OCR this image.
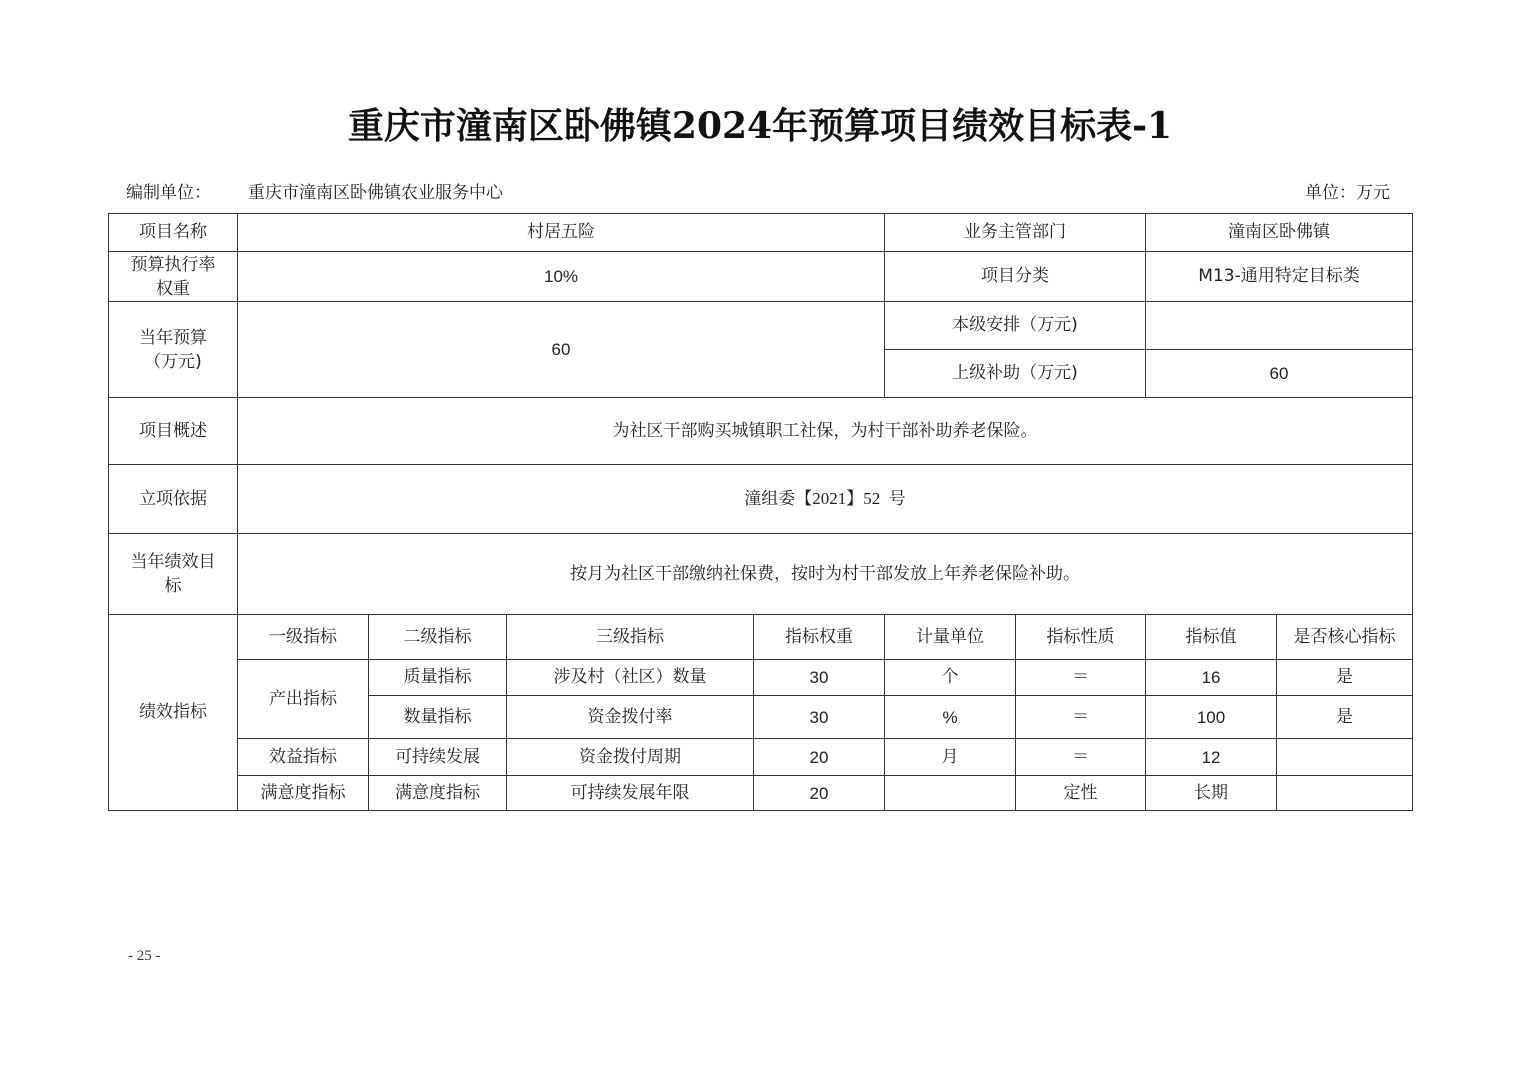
重庆市潼南区卧佛镇2024年预算项目绩效目标表-1
编制单位： 重庆市潼南区卧佛镇农业服务中心	单位：万元
项目名称	村居五险				业务主管部门		潼南区卧佛镇	

预算执行率权重	10%				项目分类		M13-通用特定目标类	

当年预算（万元)	60				本级安排（万元)			
					上级补助（万元)		60	
项目概述	为社区干部购买城镇职工社保，为村干部补助养老保险。							
立项依据	潼组委【2021】52  号							

当年绩效目标	按月为社区干部缴纳社保费，按时为村干部发放上年养老保险补助。							
绩效指标	一级指标	二级指标	三级指标	指标权重	计量单位	指标性质	指标值	是否核心指标
	产出指标	质量指标	涉及村（社区）数量	30	个	＝	16	是
		数量指标	资金拨付率	30	%	＝	100	是
	效益指标	可持续发展	资金拨付周期	20	月	＝	12	
	满意度指标	满意度指标	可持续发展年限	20		定性	长期	
- 25 -
